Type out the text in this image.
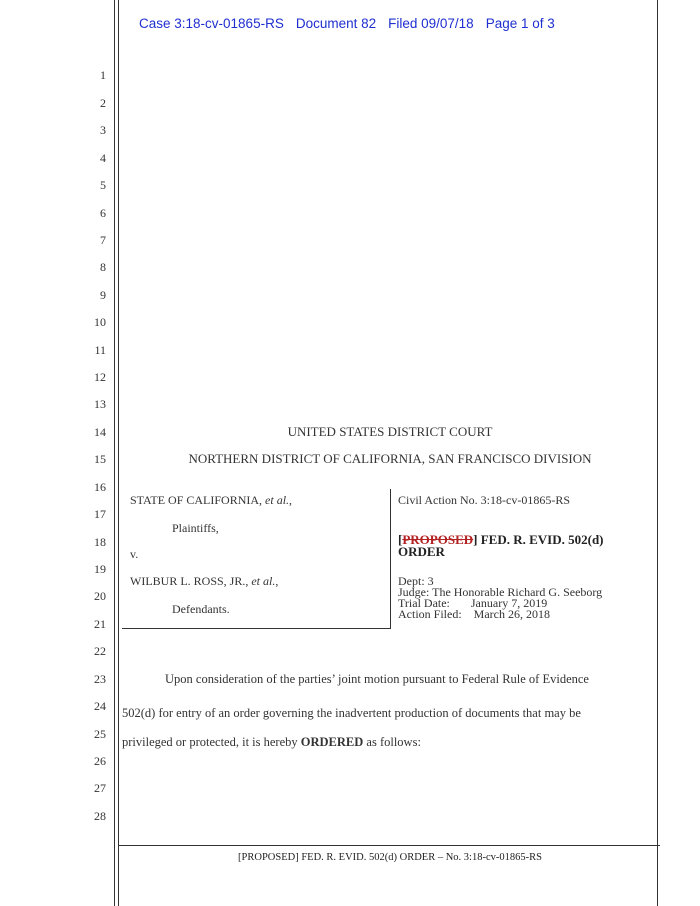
Case 3:18-cv-01865-RS Document 82 Filed 09/07/18 Page 1 of 3
1
2
3
4
5
6
7
8
9
10
11
12
13
14
15
16
17
18
19
20
21
22
23
24
25
26
27
28
UNITED STATES DISTRICT COURT
NORTHERN DISTRICT OF CALIFORNIA, SAN FRANCISCO DIVISION
STATE OF CALIFORNIA, et al.,
Plaintiffs,
v.
WILBUR L. ROSS, JR., et al.,
Defendants.
Civil Action No. 3:18-cv-01865-RS
[PROPOSED] FED. R. EVID. 502(d)
ORDER
Dept: 3
Judge: The Honorable Richard G. Seeborg
Trial Date:       January 7, 2019
Action Filed:    March 26, 2018
Upon consideration of the parties’ joint motion pursuant to Federal Rule of Evidence
502(d) for entry of an order governing the inadvertent production of documents that may be
privileged or protected, it is hereby ORDERED as follows:
[PROPOSED] FED. R. EVID. 502(d) ORDER – No. 3:18-cv-01865-RS
